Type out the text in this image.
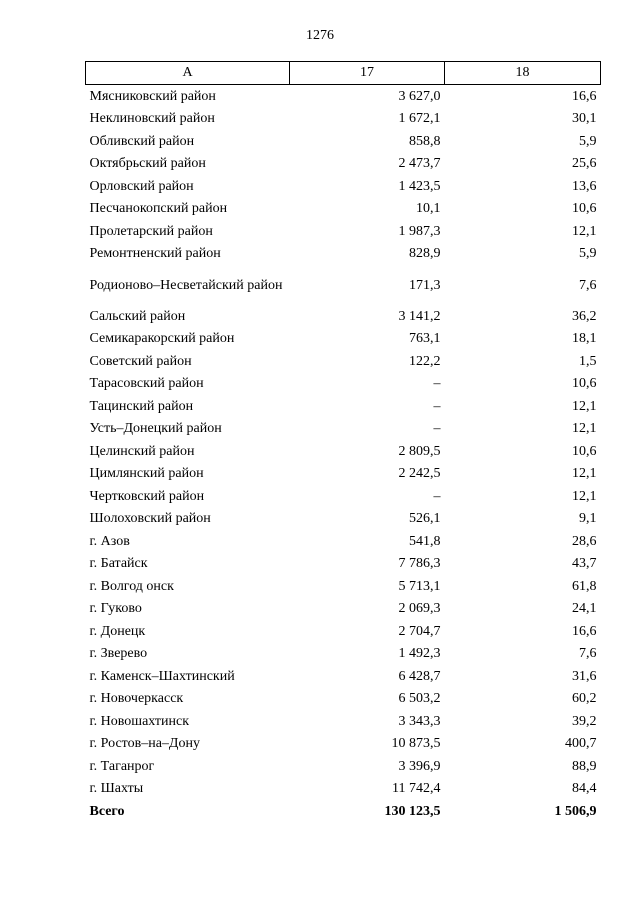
1276
А	17	18
Мясниковский район	3 627,0	16,6
Неклиновский район	1 672,1	30,1
Обливский район	858,8	5,9
Октябрьский район	2 473,7	25,6
Орловский район	1 423,5	13,6
Песчанокопский район	10,1	10,6
Пролетарский район	1 987,3	12,1
Ремонтненский район	828,9	5,9
Родионово–Несветайский район	171,3	7,6
Сальский район	3 141,2	36,2
Семикаракорский район	763,1	18,1
Советский район	122,2	1,5
Тарасовский район	–	10,6
Тацинский район	–	12,1
Усть–Донецкий район	–	12,1
Целинский район	2 809,5	10,6
Цимлянский район	2 242,5	12,1
Чертковский район	–	12,1
Шолоховский район	526,1	9,1
г. Азов	541,8	28,6
г. Батайск	7 786,3	43,7
г. Волгод онск	5 713,1	61,8
г. Гуково	2 069,3	24,1
г. Донецк	2 704,7	16,6
г. Зверево	1 492,3	7,6
г. Каменск–Шахтинский	6 428,7	31,6
г. Новочеркасск	6 503,2	60,2
г. Новошахтинск	3 343,3	39,2
г. Ростов–на–Дону	10 873,5	400,7
г. Таганрог	3 396,9	88,9
г. Шахты	11 742,4	84,4
Всего	130 123,5	1 506,9
